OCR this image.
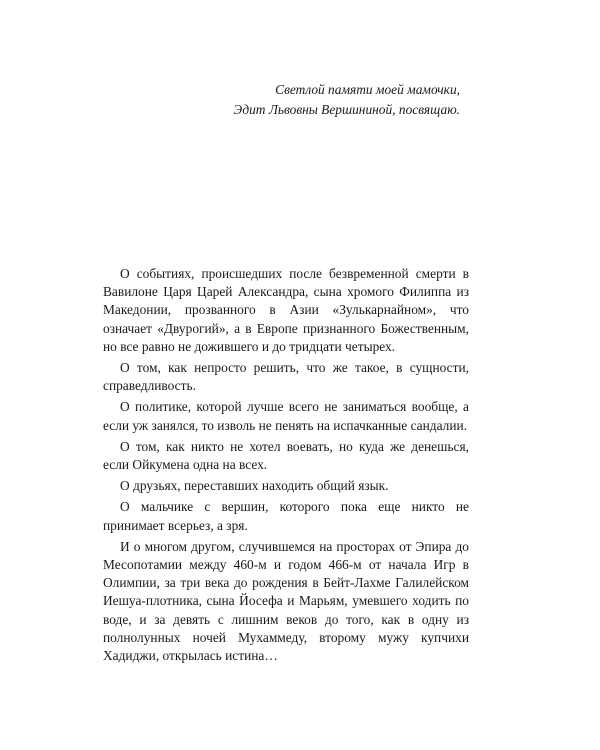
Светлой памяти моей мамочки,
Эдит Львовны Вершининой, посвящаю.

О событиях, происшедших после безвременной смерти в Вавилоне Царя Царей Александра, сына хромого Филиппа из Македонии, прозванного в Азии «Зулькарнайном», что означает «Двурогий», а в Европе признанного Божественным, но все равно не дожившего и до тридцати четырех.

О том, как непросто решить, что же такое, в сущности, справедливость.

О политике, которой лучше всего не заниматься вообще, а если уж занялся, то изволь не пенять на испачканные сандалии.

О том, как никто не хотел воевать, но куда же денешься, если Ойкумена одна на всех.

О друзьях, переставших находить общий язык.

О мальчике с вершин, которого пока еще никто не принимает всерьез, а зря.

И о многом другом, случившемся на просторах от Эпира до Месопотамии между 460-м и годом 466-м от начала Игр в Олимпии, за три века до рождения в Бейт-Лахме Галилейском Иешуа-плотника, сына Йосефа и Марьям, умевшего ходить по воде, и за девять с лишним веков до того, как в одну из полнолунных ночей Мухаммеду, второму мужу купчихи Хадиджи, открылась истина…
